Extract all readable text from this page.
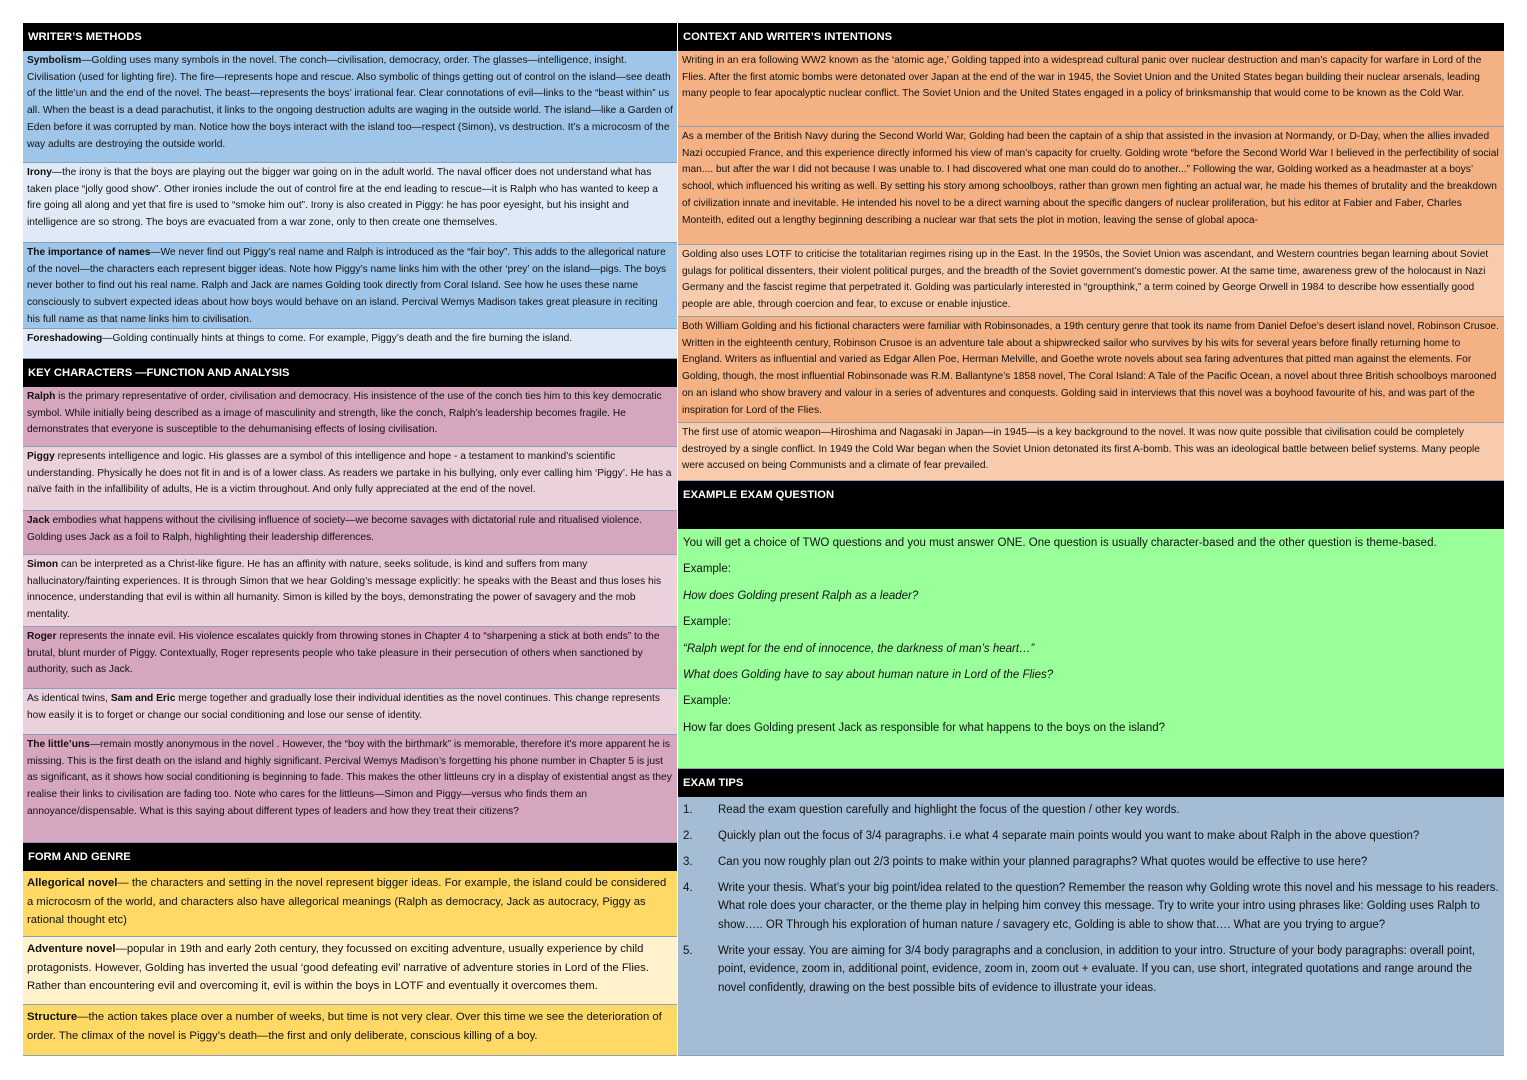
WRITER’S METHODS

Symbolism—Golding uses many symbols in the novel. The conch—civilisation, democracy, order. The glasses—intelligence, insight. Civilisation (used for lighting fire). The fire—represents hope and rescue. Also symbolic of things getting out of control on the island—see death of the little’un and the end of the novel. The beast—represents the boys’ irrational fear. Clear connotations of evil—links to the “beast within” us all. When the beast is a dead parachutist, it links to the ongoing destruction adults are waging in the outside world. The island—like a Garden of Eden before it was corrupted by man. Notice how the boys interact with the island too—respect (Simon), vs destruction. It’s a microcosm of the way adults are destroying the outside world.

Irony—the irony is that the boys are playing out the bigger war going on in the adult world. The naval officer does not understand what has taken place “jolly good show”. Other ironies include the out of control fire at the end leading to rescue—it is Ralph who has wanted to keep a fire going all along and yet that fire is used to “smoke him out”. Irony is also created in Piggy: he has poor eyesight, but his insight and intelligence are so strong. The boys are evacuated from a war zone, only to then create one themselves.

The importance of names—We never find out Piggy’s real name and Ralph is introduced as the “fair boy”. This adds to the allegorical nature of the novel—the characters each represent bigger ideas. Note how Piggy’s name links him with the other ‘prey’ on the island—pigs. The boys never bother to find out his real name. Ralph and Jack are names Golding took directly from Coral Island. See how he uses these name consciously to subvert expected ideas about how boys would behave on an island. Percival Wemys Madison takes great pleasure in reciting his full name as that name links him to civilisation.

Foreshadowing—Golding continually hints at things to come. For example, Piggy’s death and the fire burning the island.

KEY CHARACTERS —FUNCTION AND ANALYSIS

Ralph is the primary representative of order, civilisation and democracy. His insistence of the use of the conch ties him to this key democratic symbol. While initially being described as a image of masculinity and strength, like the conch, Ralph’s leadership becomes fragile. He demonstrates that everyone is susceptible to the dehumanising effects of losing civilisation.

Piggy represents intelligence and logic. His glasses are a symbol of this intelligence and hope - a testament to mankind’s scientific understanding. Physically he does not fit in and is of a lower class. As readers we partake in his bullying, only ever calling him ‘Piggy’. He has a naïve faith in the infallibility of adults, He is a victim throughout. And only fully appreciated at the end of the novel.

Jack embodies what happens without the civilising influence of society—we become savages with dictatorial rule and ritualised violence. Golding uses Jack as a foil to Ralph, highlighting their leadership differences.

Simon can be interpreted as a Christ-like figure. He has an affinity with nature, seeks solitude, is kind and suffers from many hallucinatory/fainting experiences. It is through Simon that we hear Golding’s message explicitly: he speaks with the Beast and thus loses his innocence, understanding that evil is within all humanity. Simon is killed by the boys, demonstrating the power of savagery and the mob mentality.

Roger represents the innate evil. His violence escalates quickly from throwing stones in Chapter 4 to “sharpening a stick at both ends” to the brutal, blunt murder of Piggy. Contextually, Roger represents people who take pleasure in their persecution of others when sanctioned by authority, such as Jack.

As identical twins, Sam and Eric merge together and gradually lose their individual identities as the novel continues. This change represents how easily it is to forget or change our social conditioning and lose our sense of identity.

The little’uns—remain mostly anonymous in the novel . However, the “boy with the birthmark” is memorable, therefore it’s more apparent he is missing. This is the first death on the island and highly significant. Percival Wemys Madison’s forgetting his phone number in Chapter 5 is just as significant, as it shows how social conditioning is beginning to fade. This makes the other littleuns cry in a display of existential angst as they realise their links to civilisation are fading too. Note who cares for the littleuns—Simon and Piggy—versus who finds them an annoyance/dispensable. What is this saying about different types of leaders and how they treat their citizens?

FORM AND GENRE

Allegorical novel— the characters and setting in the novel represent bigger ideas. For example, the island could be considered a microcosm of the world, and characters also have allegorical meanings (Ralph as democracy, Jack as autocracy, Piggy as rational thought etc)

Adventure novel—popular in 19th and early 2oth century, they focussed on exciting adventure, usually experience by child protagonists. However, Golding has inverted the usual ‘good defeating evil’ narrative of adventure stories in Lord of the Flies. Rather than encountering evil and overcoming it, evil is within the boys in LOTF and eventually it overcomes them.

Structure—the action takes place over a number of weeks, but time is not very clear. Over this time we see the deterioration of order. The climax of the novel is Piggy’s death—the first and only deliberate, conscious killing of a boy.

CONTEXT AND WRITER’S INTENTIONS

Writing in an era following WW2 known as the ‘atomic age,’ Golding tapped into a widespread cultural panic over nuclear destruction and man’s capacity for warfare in Lord of the Flies. After the first atomic bombs were detonated over Japan at the end of the war in 1945, the Soviet Union and the United States began building their nuclear arsenals, leading many people to fear apocalyptic nuclear conflict. The Soviet Union and the United States engaged in a policy of brinksmanship that would come to be known as the Cold War.

As a member of the British Navy during the Second World War, Golding had been the captain of a ship that assisted in the invasion at Normandy, or D-Day, when the allies invaded Nazi occupied France, and this experience directly informed his view of man’s capacity for cruelty. Golding wrote “before the Second World War I believed in the perfectibility of social man.... but after the war I did not because I was unable to. I had discovered what one man could do to another...” Following the war, Golding worked as a headmaster at a boys’ school, which influenced his writing as well. By setting his story among schoolboys, rather than grown men fighting an actual war, he made his themes of brutality and the breakdown of civilization innate and inevitable. He intended his novel to be a direct warning about the specific dangers of nuclear proliferation, but his editor at Fabier and Faber, Charles Monteith, edited out a lengthy beginning describing a nuclear war that sets the plot in motion, leaving the sense of global apoca-

Golding also uses LOTF to criticise the totalitarian regimes rising up in the East. In the 1950s, the Soviet Union was ascendant, and Western countries began learning about Soviet gulags for political dissenters, their violent political purges, and the breadth of the Soviet government’s domestic power. At the same time, awareness grew of the holocaust in Nazi Germany and the fascist regime that perpetrated it. Golding was particularly interested in “groupthink,” a term coined by George Orwell in 1984 to describe how essentially good people are able, through coercion and fear, to excuse or enable injustice.

Both William Golding and his fictional characters were familiar with Robinsonades, a 19th century genre that took its name from Daniel Defoe’s desert island novel, Robinson Crusoe. Written in the eighteenth century, Robinson Crusoe is an adventure tale about a shipwrecked sailor who survives by his wits for several years before finally returning home to England. Writers as influential and varied as Edgar Allen Poe, Herman Melville, and Goethe wrote novels about sea faring adventures that pitted man against the elements. For Golding, though, the most influential Robinsonade was R.M. Ballantyne’s 1858 novel, The Coral Island: A Tale of the Pacific Ocean, a novel about three British schoolboys marooned on an island who show bravery and valour in a series of adventures and conquests. Golding said in interviews that this novel was a boyhood favourite of his, and was part of the inspiration for Lord of the Flies.

The first use of atomic weapon—Hiroshima and Nagasaki in Japan—in 1945—is a key background to the novel. It was now quite possible that civilisation could be completely destroyed by a single conflict. In 1949 the Cold War began when the Soviet Union detonated its first A-bomb. This was an ideological battle between belief systems. Many people were accused on being Communists and a climate of fear prevailed.

EXAMPLE EXAM QUESTION

You will get a choice of TWO questions and you must answer ONE. One question is usually character-based and the other question is theme-based.

Example:

How does Golding present Ralph as a leader?

Example:

“Ralph wept for the end of innocence, the darkness of man’s heart…”

What does Golding have to say about human nature in Lord of the Flies?

Example:

How far does Golding present Jack as responsible for what happens to the boys on the island?

EXAM TIPS
1.	Read the exam question carefully and highlight the focus of the question / other key words.
2.	Quickly plan out the focus of 3/4 paragraphs. i.e what 4 separate main points would you want to make about Ralph in the above question?
3.	Can you now roughly plan out 2/3 points to make within your planned paragraphs? What quotes would be effective to use here?
4.	Write your thesis. What’s your big point/idea related to the question? Remember the reason why Golding wrote this novel and his message to his readers. What role does your character, or the theme play in helping him convey this message. Try to write your intro using phrases like: Golding uses Ralph to show….. OR Through his exploration of human nature / savagery etc, Golding is able to show that…. What are you trying to argue?
5.	Write your essay. You are aiming for 3/4 body paragraphs and a conclusion, in addition to your intro. Structure of your body paragraphs: overall point, point, evidence, zoom in, additional point, evidence, zoom in, zoom out + evaluate. If you can, use short, integrated quotations and range around the novel confidently, drawing on the best possible bits of evidence to illustrate your ideas.
